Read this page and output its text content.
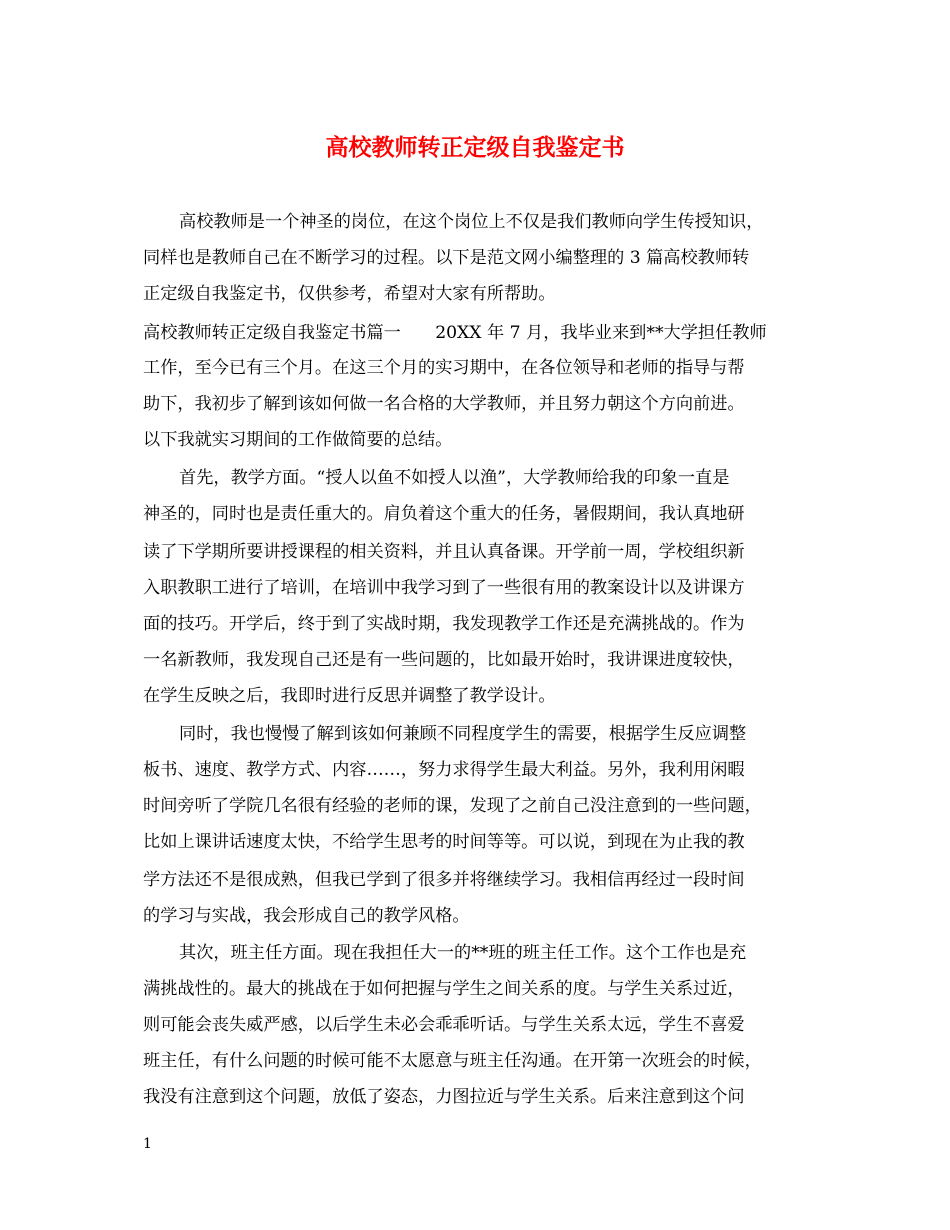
高校教师转正定级自我鉴定书

高校教师是一个神圣的岗位，在这个岗位上不仅是我们教师向学生传授知识，

同样也是教师自己在不断学习的过程。以下是范文网小编整理的 3 篇高校教师转

正定级自我鉴定书，仅供参考，希望对大家有所帮助。

高校教师转正定级自我鉴定书篇一　　20XX 年 7 月，我毕业来到**大学担任教师

工作，至今已有三个月。在这三个月的实习期中，在各位领导和老师的指导与帮

助下，我初步了解到该如何做一名合格的大学教师，并且努力朝这个方向前进。

以下我就实习期间的工作做简要的总结。

首先，教学方面。“授人以鱼不如授人以渔”，大学教师给我的印象一直是

神圣的，同时也是责任重大的。肩负着这个重大的任务，暑假期间，我认真地研

读了下学期所要讲授课程的相关资料，并且认真备课。开学前一周，学校组织新

入职教职工进行了培训，在培训中我学习到了一些很有用的教案设计以及讲课方

面的技巧。开学后，终于到了实战时期，我发现教学工作还是充满挑战的。作为

一名新教师，我发现自己还是有一些问题的，比如最开始时，我讲课进度较快，

在学生反映之后，我即时进行反思并调整了教学设计。

同时，我也慢慢了解到该如何兼顾不同程度学生的需要，根据学生反应调整

板书、速度、教学方式、内容……，努力求得学生最大利益。另外，我利用闲暇

时间旁听了学院几名很有经验的老师的课，发现了之前自己没注意到的一些问题，

比如上课讲话速度太快，不给学生思考的时间等等。可以说，到现在为止我的教

学方法还不是很成熟，但我已学到了很多并将继续学习。我相信再经过一段时间

的学习与实战，我会形成自己的教学风格。

其次，班主任方面。现在我担任大一的**班的班主任工作。这个工作也是充

满挑战性的。最大的挑战在于如何把握与学生之间关系的度。与学生关系过近，

则可能会丧失威严感，以后学生未必会乖乖听话。与学生关系太远，学生不喜爱

班主任，有什么问题的时候可能不太愿意与班主任沟通。在开第一次班会的时候，

我没有注意到这个问题，放低了姿态，力图拉近与学生关系。后来注意到这个问

1
